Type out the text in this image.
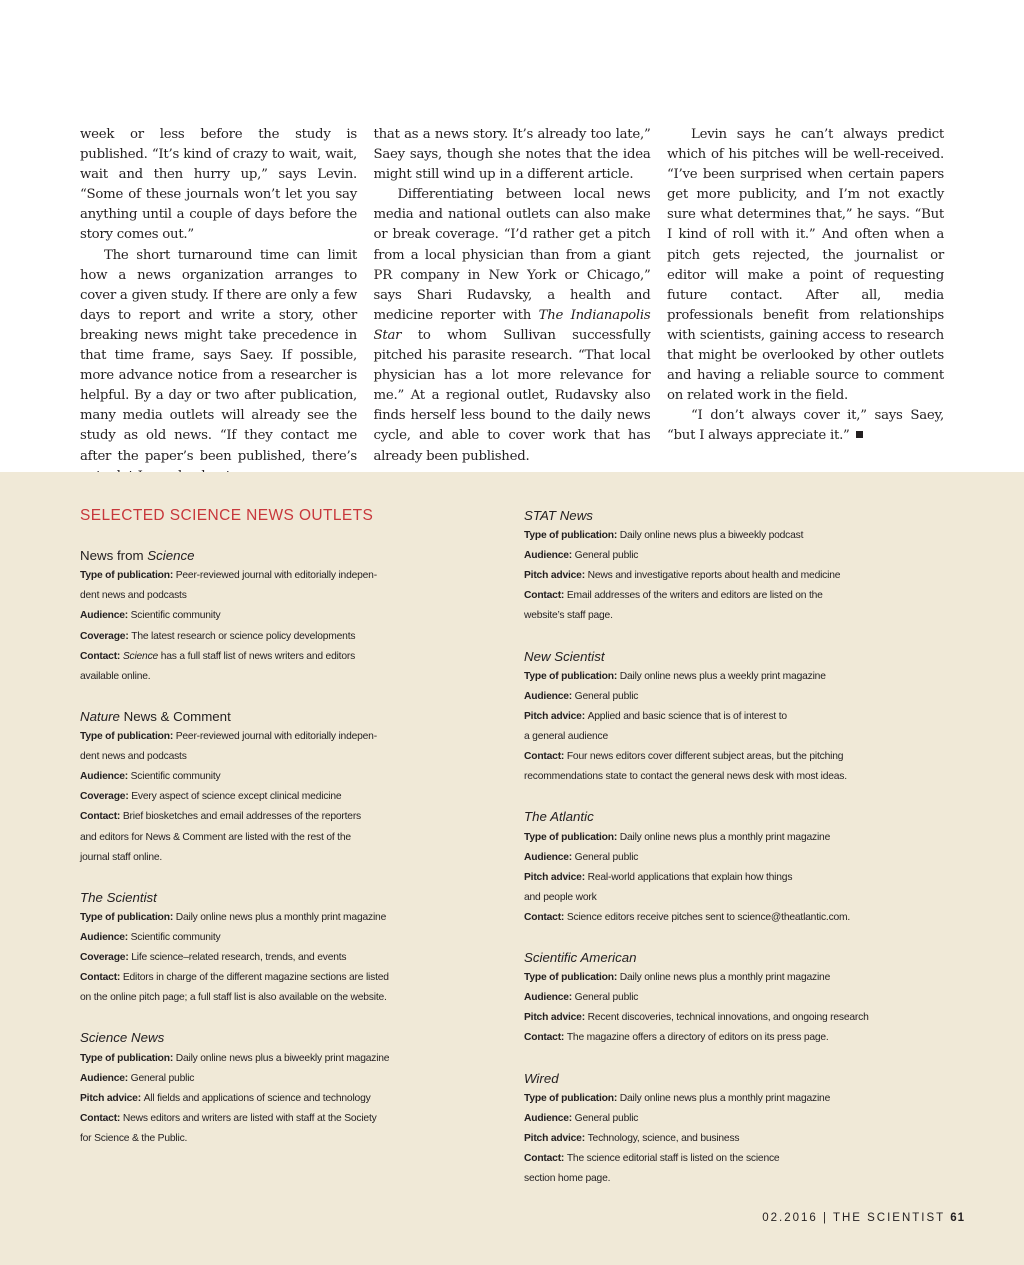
week or less before the study is published. “It’s kind of crazy to wait, wait, wait and then hurry up,” says Levin. “Some of these journals won’t let you say anything until a couple of days before the story comes out.”

The short turnaround time can limit how a news organization arranges to cover a given study. If there are only a few days to report and write a story, other breaking news might take precedence in that time frame, says Saey. If possible, more advance notice from a researcher is helpful. By a day or two after publication, many media outlets will already see the study as old news. “If they contact me after the paper’s been published, there’s

that as a news story. It’s already too late,” Saey says, though she notes that the idea might still wind up in a different article.

Differentiating between local news media and national outlets can also make or break coverage. “I’d rather get a pitch from a local physician than from a giant PR company in New York or Chicago,” says Shari Rudavsky, a health and medicine reporter with The Indianapolis Star to whom Sullivan successfully pitched his parasite research. “That local physician has a lot more relevance for me.” At a regional outlet, Rudavsky also finds herself less bound to the daily news cycle, and able to cover work that has already been published.

Levin says he can’t always predict which of his pitches will be well-received. “I’ve been surprised when certain papers get more publicity, and I’m not exactly sure what determines that,” he says. “But I kind of roll with it.” And often when a pitch gets rejected, the journalist or editor will make a point of requesting future contact. After all, media professionals benefit from relationships with scientists, gaining access to research that might be overlooked by other outlets and having a reliable source to comment on related work in the field.

“I don’t always cover it,” says Saey, “but I always appreciate it.”

SELECTED SCIENCE NEWS OUTLETS
News from Science
Type of publication: Peer-reviewed journal with editorially indepen-
dent news and podcasts
Audience: Scientific community
Coverage: The latest research or science policy developments
Contact: Science has a full staff list of news writers and editors
available online.
Nature News & Comment
Type of publication: Peer-reviewed journal with editorially indepen-
dent news and podcasts
Audience: Scientific community
Coverage: Every aspect of science except clinical medicine
Contact: Brief biosketches and email addresses of the reporters
and editors for News & Comment are listed with the rest of the
journal staff online.
The Scientist
Type of publication: Daily online news plus a monthly print magazine
Audience: Scientific community
Coverage: Life science–related research, trends, and events
Contact: Editors in charge of the different magazine sections are listed
on the online pitch page; a full staff list is also available on the website.
Science News
Type of publication: Daily online news plus a biweekly print magazine
Audience: General public
Pitch advice: All fields and applications of science and technology
Contact: News editors and writers are listed with staff at the Society
for Science & the Public.
STAT News
Type of publication: Daily online news plus a biweekly podcast
Audience: General public
Pitch advice: News and investigative reports about health and medicine
Contact: Email addresses of the writers and editors are listed on the
website’s staff page.
New Scientist
Type of publication: Daily online news plus a weekly print magazine
Audience: General public
Pitch advice: Applied and basic science that is of interest to
a general audience
Contact: Four news editors cover different subject areas, but the pitching
recommendations state to contact the general news desk with most ideas.
The Atlantic
Type of publication: Daily online news plus a monthly print magazine
Audience: General public
Pitch advice: Real-world applications that explain how things
and people work
Contact: Science editors receive pitches sent to science@theatlantic.com.
Scientific American
Type of publication: Daily online news plus a monthly print magazine
Audience: General public
Pitch advice: Recent discoveries, technical innovations, and ongoing research
Contact: The magazine offers a directory of editors on its press page.
Wired
Type of publication: Daily online news plus a monthly print magazine
Audience: General public
Pitch advice: Technology, science, and business
Contact: The science editorial staff is listed on the science
section home page.
02.2016 | THE SCIENTIST 61
